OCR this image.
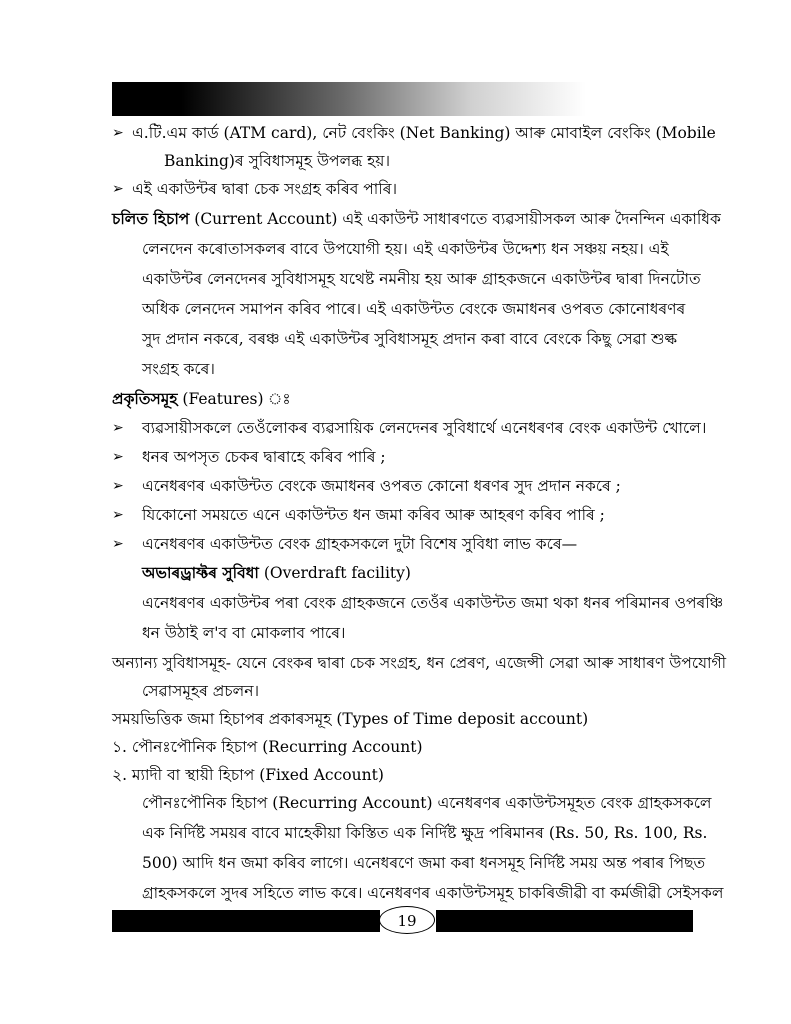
➢ এ.টি.এম কার্ড (ATM card), নেট বেংকিং (Net Banking) আৰু মোবাইল বেংকিং (Mobile
Banking)ৰ সুবিধাসমূহ উপলব্ধ হয়।
➢ এই একাউন্টৰ দ্বাৰা চেক সংগ্ৰহ কৰিব পাৰি।
চলিত হিচাপ (Current Account) এই একাউন্ট সাধাৰণতে ব্যৱসায়ীসকল আৰু দৈনন্দিন একাধিক
লেনদেন কৰোতাসকলৰ বাবে উপযোগী হয়। এই একাউন্টৰ উদ্দেশ্য ধন সঞ্চয় নহয়। এই
একাউন্টৰ লেনদেনৰ সুবিধাসমূহ যথেষ্ট নমনীয় হয় আৰু গ্ৰাহকজনে একাউন্টৰ দ্বাৰা দিনটোত
অধিক লেনদেন সমাপন কৰিব পাৰে। এই একাউন্টত বেংকে জমাধনৰ ওপৰত কোনোধৰণৰ
সুদ প্ৰদান নকৰে, বৰঞ্চ এই একাউন্টৰ সুবিধাসমূহ প্ৰদান কৰা বাবে বেংকে কিছু সেৱা শুল্ক
সংগ্ৰহ কৰে।
প্ৰকৃতিসমূহ (Features) ঃ
➢ ব্যৱসায়ীসকলে তেওঁলোকৰ ব্যৱসায়িক লেনদেনৰ সুবিধাৰ্থে এনেধৰণৰ বেংক একাউন্ট খোলে।
➢ ধনৰ অপসৃত চেকৰ দ্বাৰাহে কৰিব পাৰি ;
➢ এনেধৰণৰ একাউন্টত বেংকে জমাধনৰ ওপৰত কোনো ধৰণৰ সুদ প্ৰদান নকৰে ;
➢ যিকোনো সময়তে এনে একাউন্টত ধন জমা কৰিব আৰু আহৰণ কৰিব পাৰি ;
➢ এনেধৰণৰ একাউন্টত বেংক গ্ৰাহকসকলে দুটা বিশেষ সুবিধা লাভ কৰে—
অভাৰড্ৰাফ্টৰ সুবিধা (Overdraft facility)
এনেধৰণৰ একাউন্টৰ পৰা বেংক গ্ৰাহকজনে তেওঁৰ একাউন্টত জমা থকা ধনৰ পৰিমানৰ ওপৰঞ্চি
ধন উঠাই ল'ব বা মোকলাব পাৰে।
অন্যান্য সুবিধাসমূহ- যেনে বেংকৰ দ্বাৰা চেক সংগ্ৰহ, ধন প্ৰেৰণ, এজেন্সী সেৱা আৰু সাধাৰণ উপযোগী
সেৱাসমূহৰ প্ৰচলন।
সময়ভিত্তিক জমা হিচাপৰ প্ৰকাৰসমূহ (Types of Time deposit account)
১. পৌনঃপৌনিক হিচাপ (Recurring Account)
২. ম্যাদী বা স্থায়ী হিচাপ (Fixed Account)
পৌনঃপৌনিক হিচাপ (Recurring Account) এনেধৰণৰ একাউন্টসমূহত বেংক গ্ৰাহকসকলে
এক নিৰ্দিষ্ট সময়ৰ বাবে মাহেকীয়া কিস্তিত এক নিৰ্দিষ্ট ক্ষুদ্ৰ পৰিমানৰ (Rs. 50, Rs. 100, Rs.
500) আদি ধন জমা কৰিব লাগে। এনেধৰণে জমা কৰা ধনসমূহ নিৰ্দিষ্ট সময় অন্ত পৰাৰ পিছত
গ্ৰাহকসকলে সুদৰ সহিতে লাভ কৰে। এনেধৰণৰ একাউন্টসমূহ চাকৰিজীৱী বা কৰ্মজীৱী সেইসকল
19
